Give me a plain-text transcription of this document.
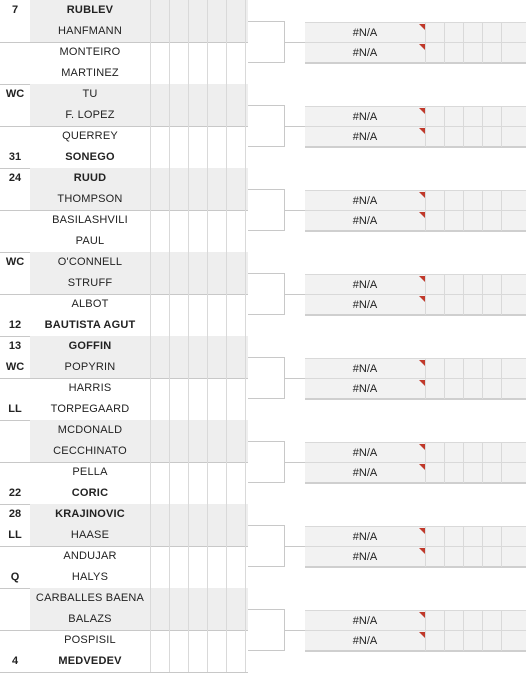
7	RUBLEV
HANFMANN
MONTEIRO
MARTINEZ
WC	TU
F. LOPEZ
QUERREY
31	SONEGO
24	RUUD
THOMPSON
BASILASHVILI
PAUL
WC	O'CONNELL
STRUFF
ALBOT
12	BAUTISTA AGUT
13	GOFFIN
WC	POPYRIN
HARRIS
LL	TORPEGAARD
MCDONALD
CECCHINATO
PELLA
22	CORIC
28	KRAJINOVIC
LL	HAASE
ANDUJAR
Q	HALYS
CARBALLES BAENA
BALAZS
POSPISIL
4	MEDVEDEV
#N/A
#N/A
#N/A
#N/A
#N/A
#N/A
#N/A
#N/A
#N/A
#N/A
#N/A
#N/A
#N/A
#N/A
#N/A
#N/A
